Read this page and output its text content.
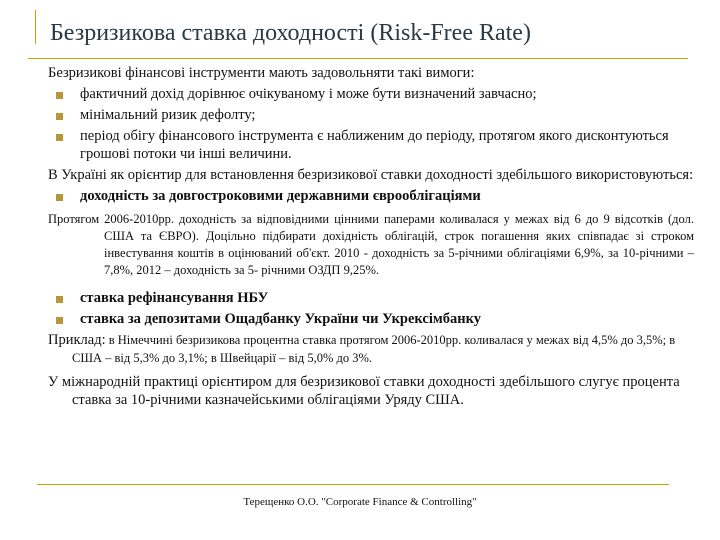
Безризикова ставка доходності (Risk-Free Rate)
Безризикові фінансові інструменти мають задовольняти такі вимоги:
фактичний дохід дорівнює очікуваному і може бути визначений завчасно;
мінімальний ризик дефолту;
період обігу фінансового інструмента є наближеним до періоду, протягом якого дисконтуються грошові потоки чи інші величини.
В Україні як орієнтир для встановлення безризикової ставки доходності здебільшого використовуються:
доходність за довгостроковими державними єврооблігаціями
Протягом 2006-2010рр. доходність за відповідними цінними паперами коливалася у межах від 6 до 9 відсотків (дол. США та ЄВРО). Доцільно підбирати дохідність облігацій, строк погашення яких співпадає зі строком інвестування коштів в оцінюваний об'єкт. 2010 - доходність за 5-річними облігаціями 6,9%, за 10-річними – 7,8%, 2012 – доходність за 5- річними ОЗДП 9,25%.
ставка рефінансування НБУ
ставка за депозитами Ощадбанку України чи Укрексімбанку
Приклад: в Німеччині безризикова процентна ставка протягом 2006-2010рр. коливалася у межах від 4,5% до 3,5%; в США – від 5,3% до 3,1%; в Швейцарії – від 5,0% до 3%.
У міжнародній практиці орієнтиром для безризикової ставки доходності здебільшого слугує процента ставка за 10-річними казначейськими облігаціями Уряду США.
Терещенко О.О. "Corporate Finance & Controlling"
